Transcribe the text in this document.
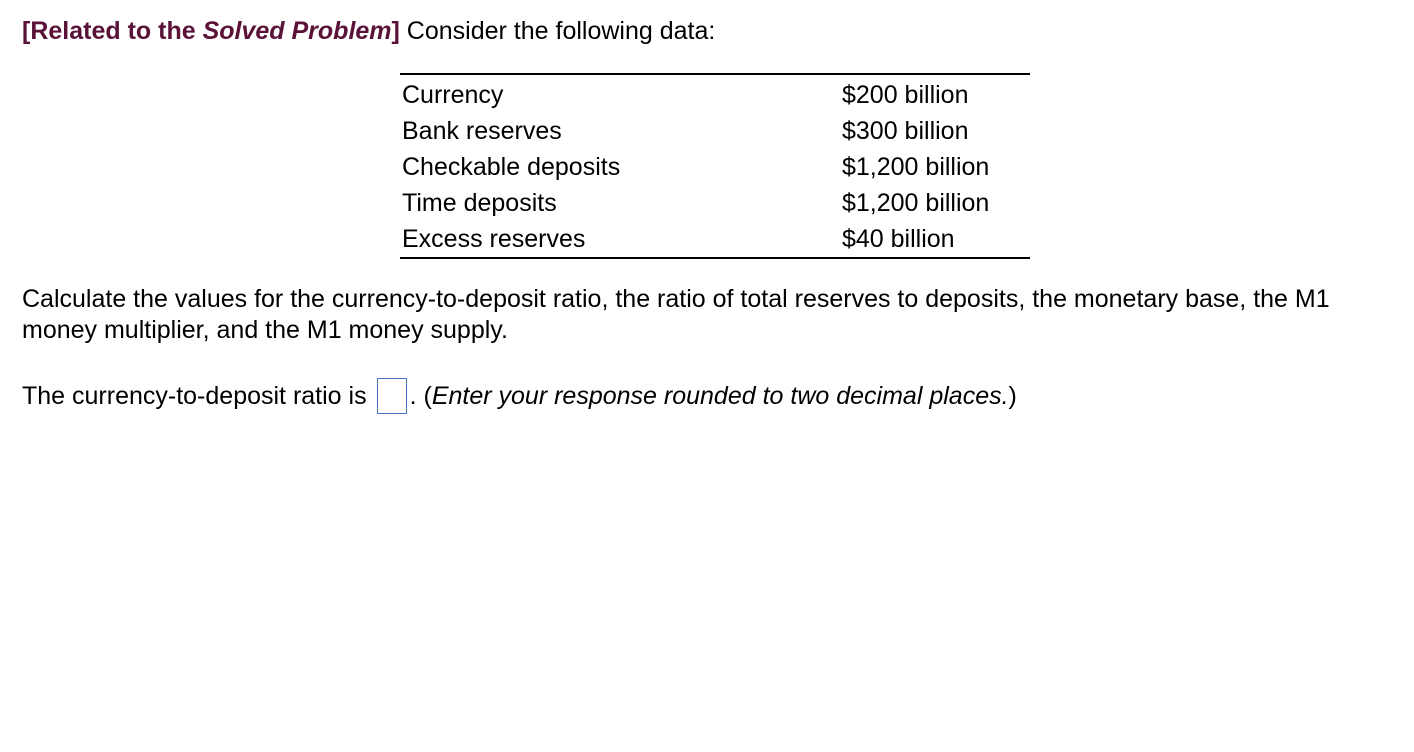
[Related to the Solved Problem] Consider the following data:
Currency	$200 billion
Bank reserves	$300 billion
Checkable deposits	$1,200 billion
Time deposits	$1,200 billion
Excess reserves	$40 billion
Calculate the values for the currency-to-deposit ratio, the ratio of total reserves to deposits, the monetary base, the M1 money multiplier, and the M1 money supply.
The currency-to-deposit ratio is . ( Enter your response rounded to two decimal places. )
